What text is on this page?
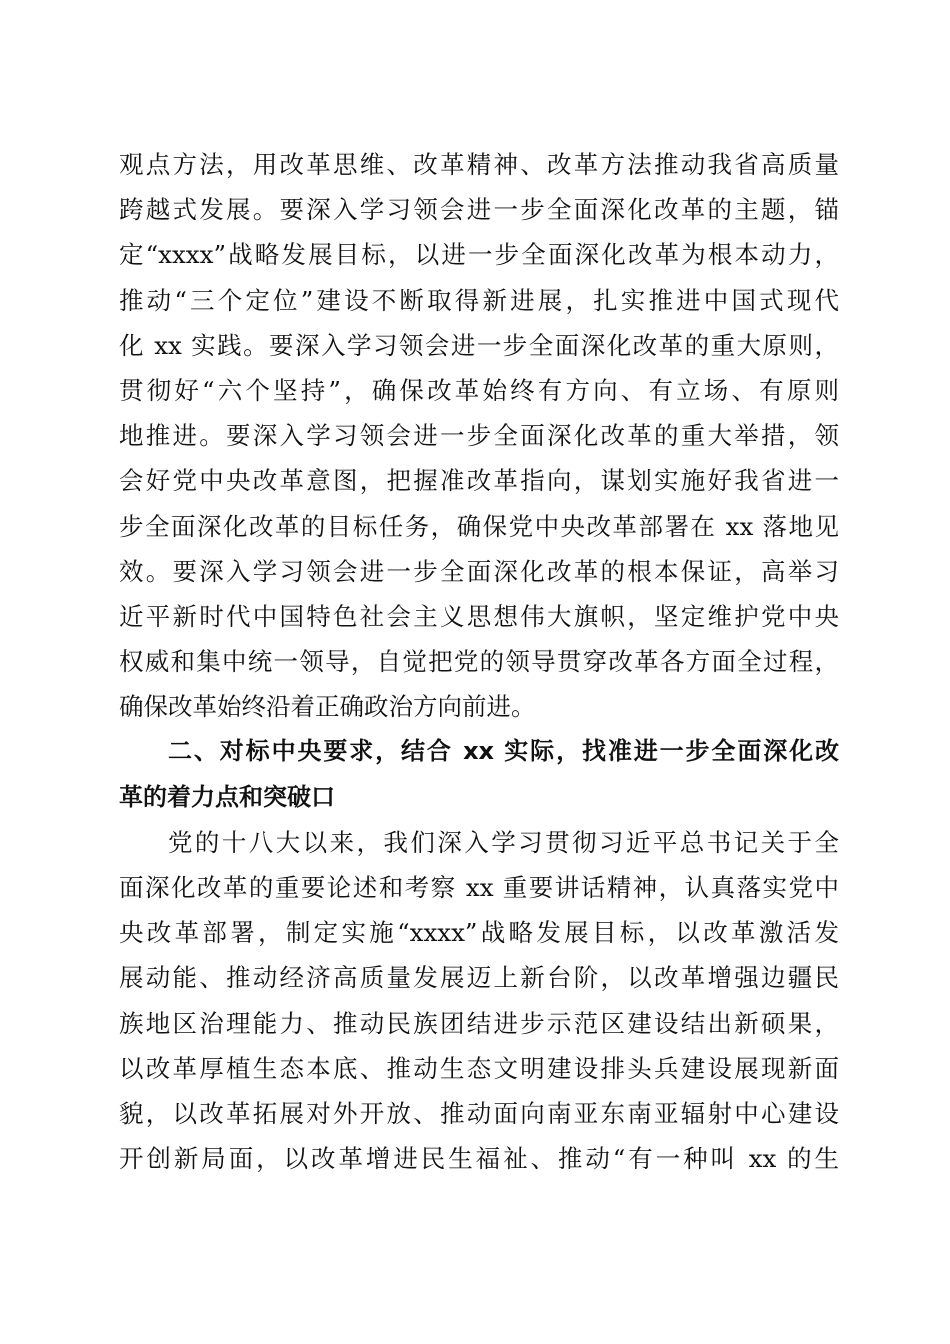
观点方法，用改革思维、改革精神、改革方法推动我省高质量
跨越式发展。要深入学习领会进一步全面深化改革的主题，锚
定“xxxx”战略发展目标，以进一步全面深化改革为根本动力，
推动“三个定位”建设不断取得新进展，扎实推进中国式现代
化 xx 实践。要深入学习领会进一步全面深化改革的重大原则，
贯彻好“六个坚持”，确保改革始终有方向、有立场、有原则
地推进。要深入学习领会进一步全面深化改革的重大举措，领
会好党中央改革意图，把握准改革指向，谋划实施好我省进一
步全面深化改革的目标任务，确保党中央改革部署在 xx 落地见
效。要深入学习领会进一步全面深化改革的根本保证，高举习
近平新时代中国特色社会主义思想伟大旗帜，坚定维护党中央
权威和集中统一领导，自觉把党的领导贯穿改革各方面全过程，
确保改革始终沿着正确政治方向前进。
二、对标中央要求，结合 xx 实际，找准进一步全面深化改
革的着力点和突破口
党的十八大以来，我们深入学习贯彻习近平总书记关于全
面深化改革的重要论述和考察 xx 重要讲话精神，认真落实党中
央改革部署，制定实施“xxxx”战略发展目标，以改革激活发
展动能、推动经济高质量发展迈上新台阶，以改革增强边疆民
族地区治理能力、推动民族团结进步示范区建设结出新硕果，
以改革厚植生态本底、推动生态文明建设排头兵建设展现新面
貌，以改革拓展对外开放、推动面向南亚东南亚辐射中心建设
开创新局面，以改革增进民生福祉、推动“有一种叫 xx 的生
